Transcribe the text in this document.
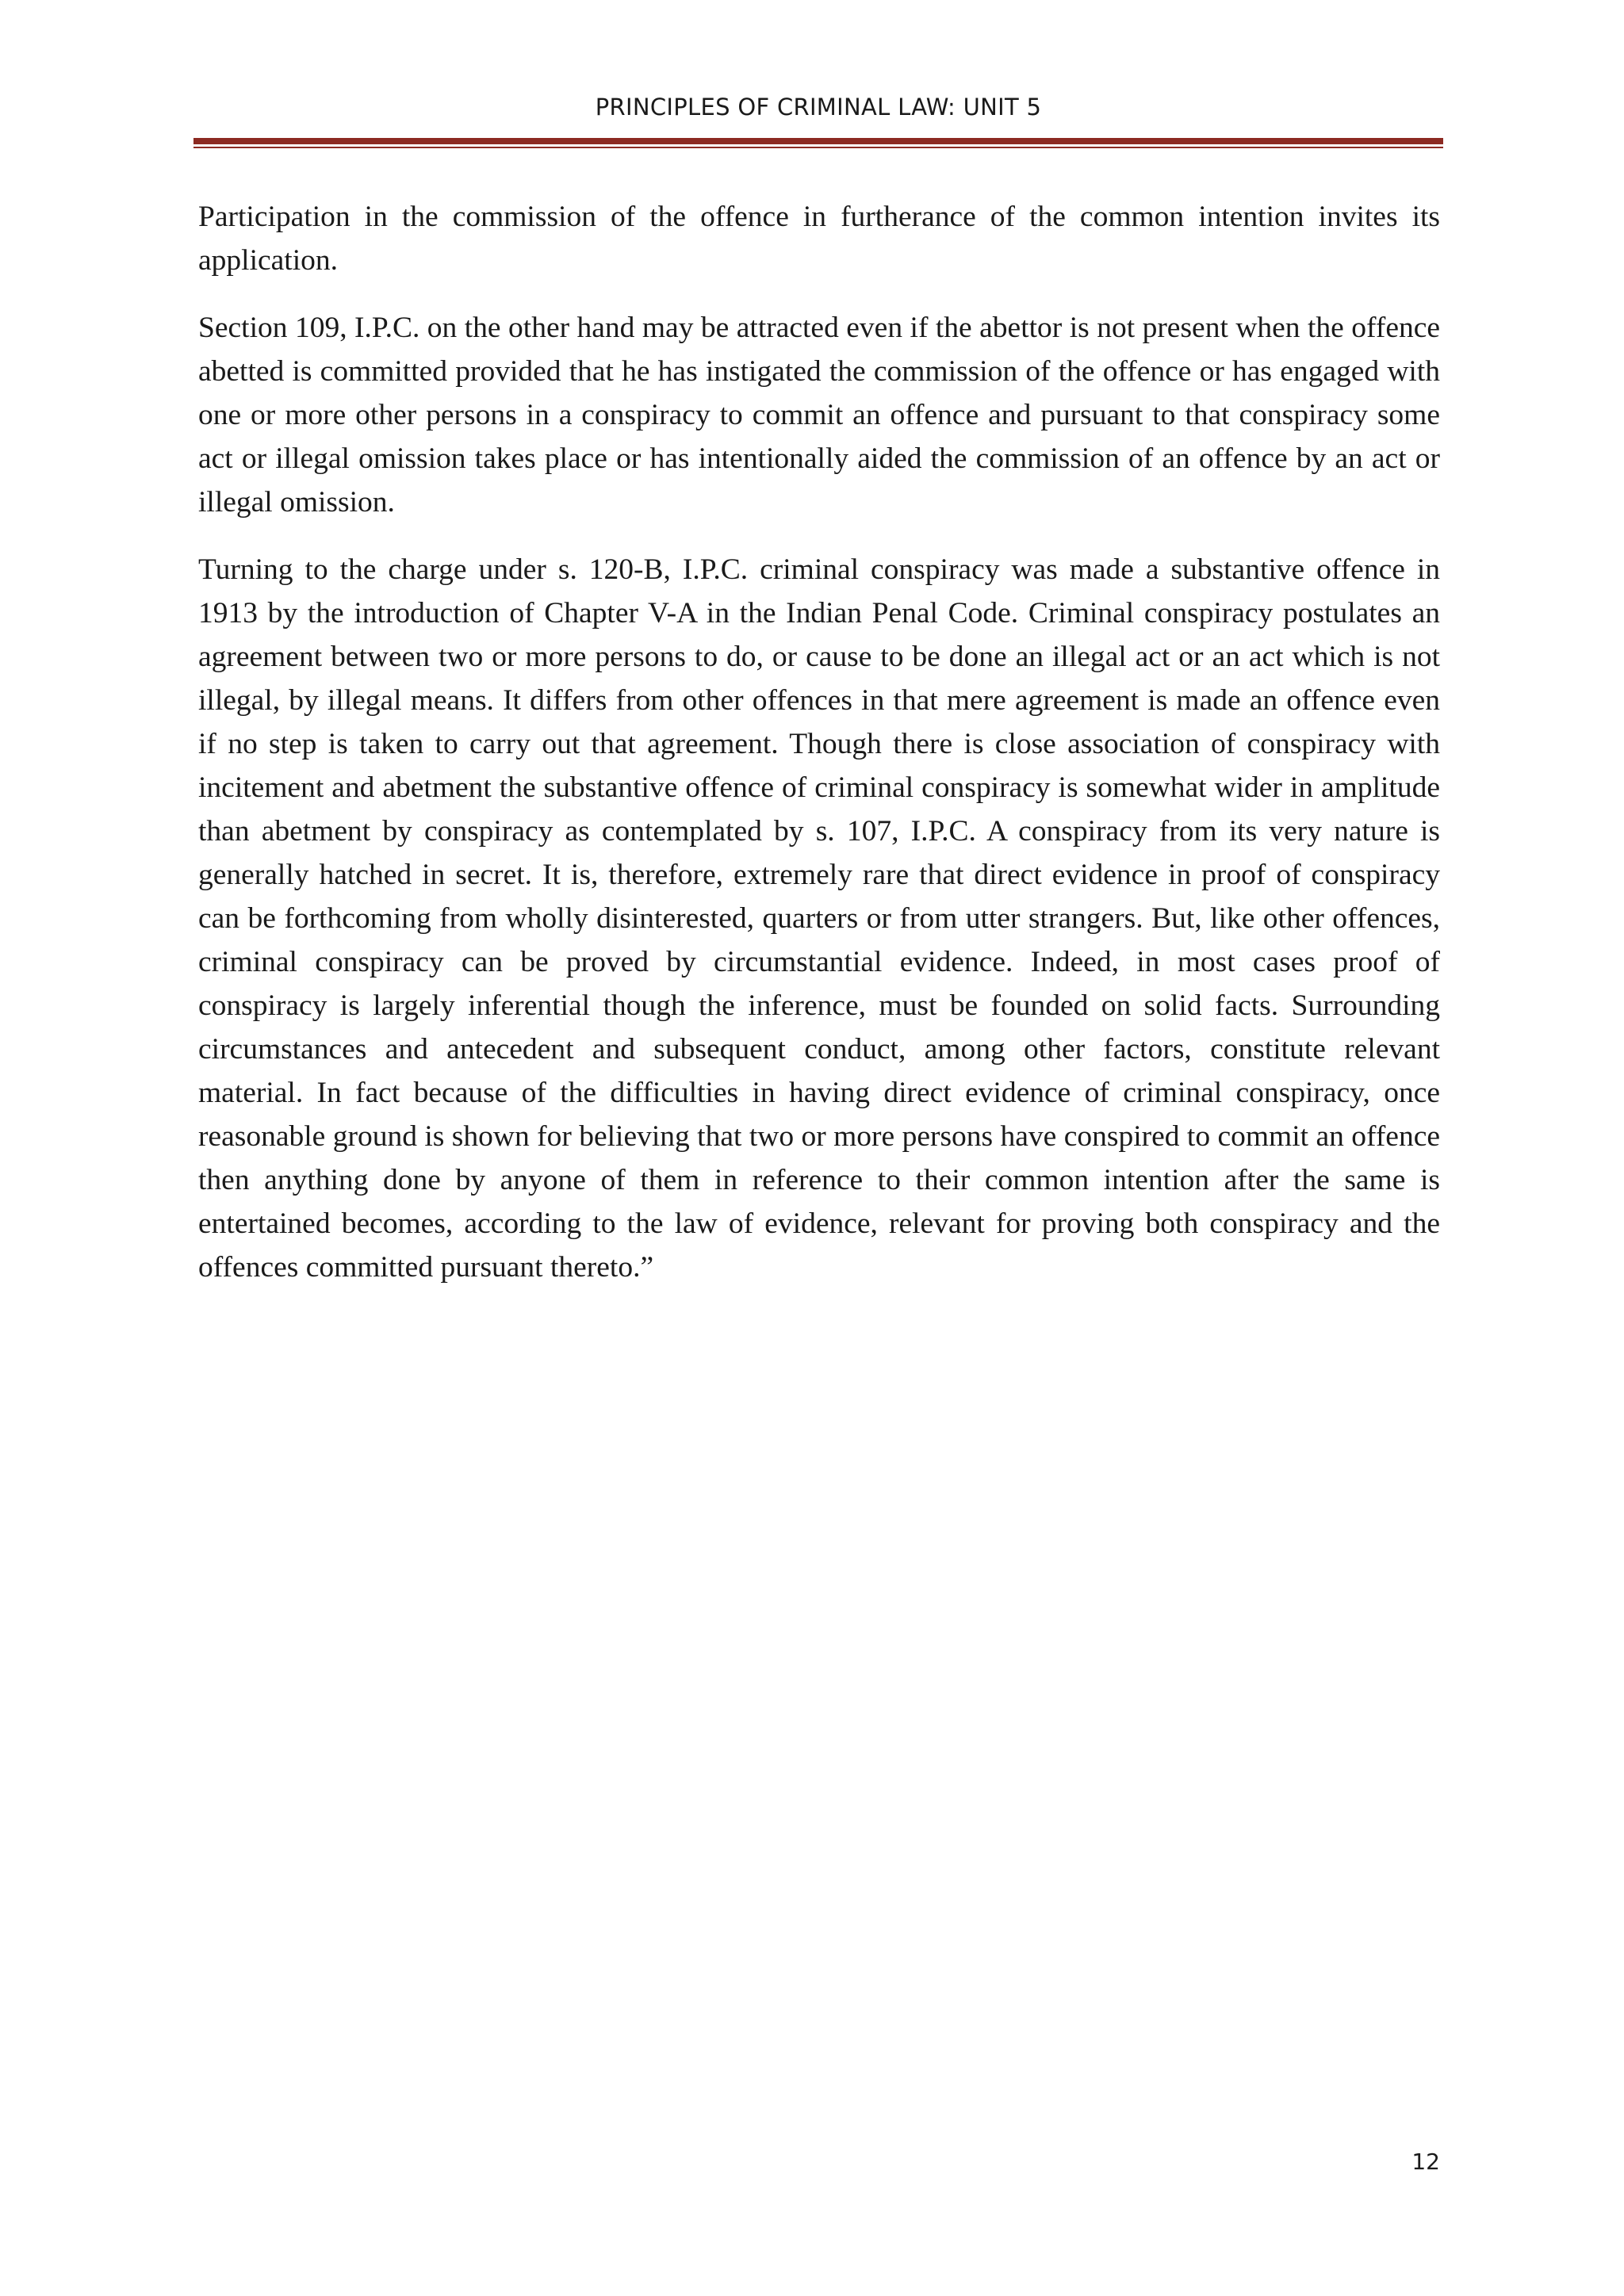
PRINCIPLES OF CRIMINAL LAW: UNIT 5

Participation in the commission of the offence in furtherance of the common intention invites its application.

Section 109, I.P.C. on the other hand may be attracted even if the abettor is not present when the offence abetted is committed provided that he has instigated the commission of the offence or has engaged with one or more other persons in a conspiracy to commit an offence and pursuant to that conspiracy some act or illegal omission takes place or has intentionally aided the commission of an offence by an act or illegal omission.

Turning to the charge under s. 120-B, I.P.C. criminal conspiracy was made a substantive offence in 1913 by the introduction of Chapter V-A in the Indian Penal Code. Criminal conspiracy postulates an agreement between two or more persons to do, or cause to be done an illegal act or an act which is not illegal, by illegal means. It differs from other offences in that mere agreement is made an offence even if no step is taken to carry out that agreement. Though there is close association of conspiracy with incitement and abetment the substantive offence of criminal conspiracy is somewhat wider in amplitude than abetment by conspiracy as contemplated by s. 107, I.P.C. A conspiracy from its very nature is generally hatched in secret. It is, therefore, extremely rare that direct evidence in proof of conspiracy can be forthcoming from wholly disinterested, quarters or from utter strangers. But, like other offences, criminal conspiracy can be proved by circumstantial evidence. Indeed, in most cases proof of conspiracy is largely inferential though the inference, must be founded on solid facts. Surrounding circumstances and antecedent and subsequent conduct, among other factors, constitute relevant material. In fact because of the difficulties in having direct evidence of criminal conspiracy, once reasonable ground is shown for believing that two or more persons have conspired to commit an offence then anything done by anyone of them in reference to their common intention after the same is entertained becomes, according to the law of evidence, relevant for proving both conspiracy and the offences committed pursuant thereto.”

12
